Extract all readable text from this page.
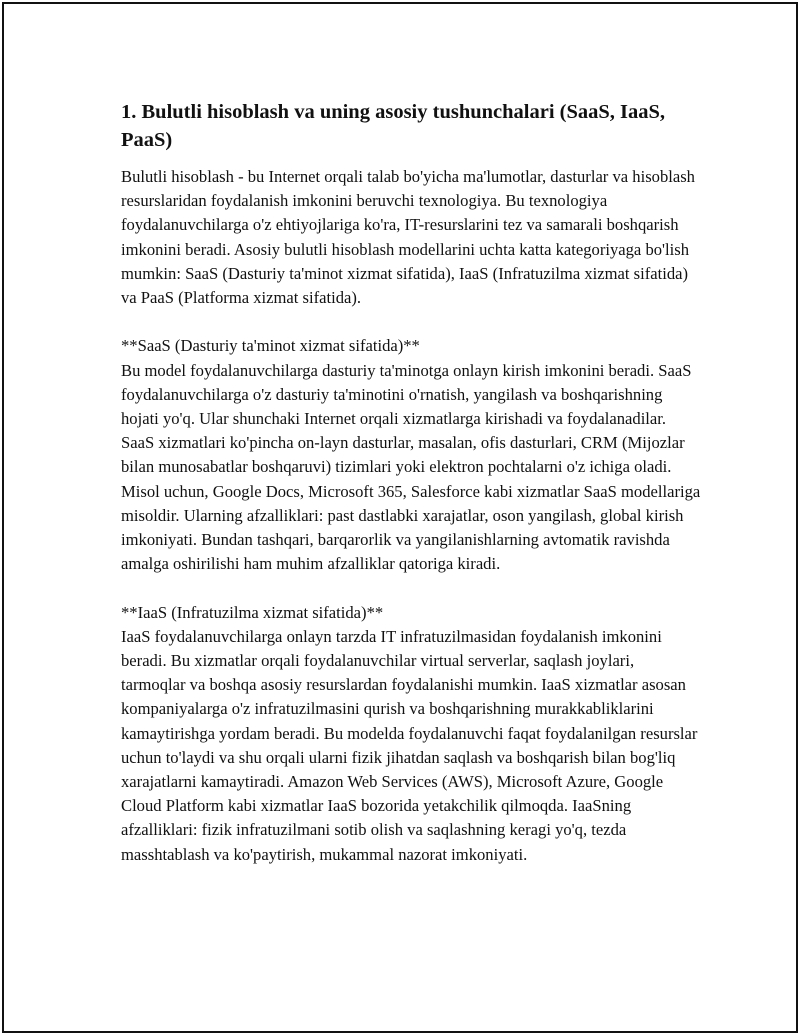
1. Bulutli hisoblash va uning asosiy tushunchalari (SaaS, IaaS, PaaS)

Bulutli hisoblash - bu Internet orqali talab bo'yicha ma'lumotlar, dasturlar va hisoblash resurslaridan foydalanish imkonini beruvchi texnologiya. Bu texnologiya foydalanuvchilarga o'z ehtiyojlariga ko'ra, IT-resurslarini tez va samarali boshqarish imkonini beradi. Asosiy bulutli hisoblash modellarini uchta katta kategoriyaga bo'lish mumkin: SaaS (Dasturiy ta'minot xizmat sifatida), IaaS (Infratuzilma xizmat sifatida) va PaaS (Platforma xizmat sifatida).

**SaaS (Dasturiy ta'minot xizmat sifatida)**

Bu model foydalanuvchilarga dasturiy ta'minotga onlayn kirish imkonini beradi. SaaS foydalanuvchilarga o'z dasturiy ta'minotini o'rnatish, yangilash va boshqarishning hojati yo'q. Ular shunchaki Internet orqali xizmatlarga kirishadi va foydalanadilar. SaaS xizmatlari ko'pincha on-layn dasturlar, masalan, ofis dasturlari, CRM (Mijozlar bilan munosabatlar boshqaruvi) tizimlari yoki elektron pochtalarni o'z ichiga oladi. Misol uchun, Google Docs, Microsoft 365, Salesforce kabi xizmatlar SaaS modellariga misoldir. Ularning afzalliklari: past dastlabki xarajatlar, oson yangilash, global kirish imkoniyati. Bundan tashqari, barqarorlik va yangilanishlarning avtomatik ravishda amalga oshirilishi ham muhim afzalliklar qatoriga kiradi.

**IaaS (Infratuzilma xizmat sifatida)**

IaaS foydalanuvchilarga onlayn tarzda IT infratuzilmasidan foydalanish imkonini beradi. Bu xizmatlar orqali foydalanuvchilar virtual serverlar, saqlash joylari, tarmoqlar va boshqa asosiy resurslardan foydalanishi mumkin. IaaS xizmatlar asosan kompaniyalarga o'z infratuzilmasini qurish va boshqarishning murakkabliklarini kamaytirishga yordam beradi. Bu modelda foydalanuvchi faqat foydalanilgan resurslar uchun to'laydi va shu orqali ularni fizik jihatdan saqlash va boshqarish bilan bog'liq xarajatlarni kamaytiradi. Amazon Web Services (AWS), Microsoft Azure, Google Cloud Platform kabi xizmatlar IaaS bozorida yetakchilik qilmoqda. IaaSning afzalliklari: fizik infratuzilmani sotib olish va saqlashning keragi yo'q, tezda masshtablash va ko'paytirish, mukammal nazorat imkoniyati.
